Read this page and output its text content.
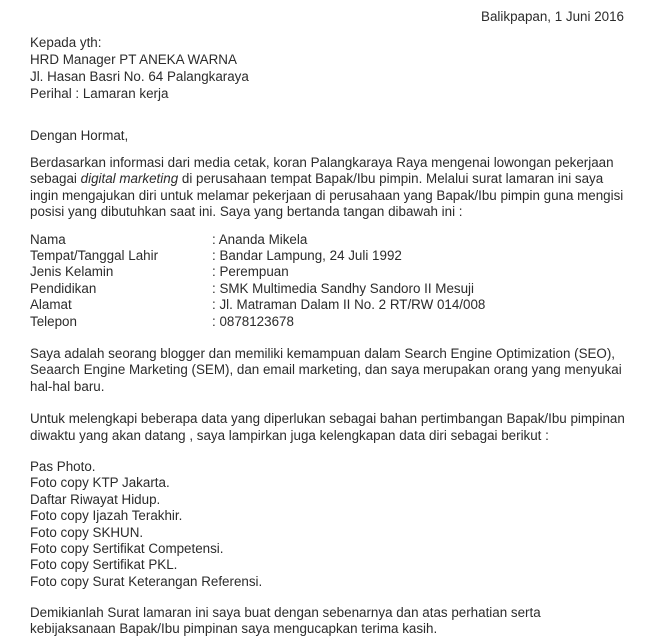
Balikpapan, 1 Juni 2016
Kepada yth:
HRD Manager PT ANEKA WARNA
Jl. Hasan Basri No. 64 Palangkaraya
Perihal : Lamaran kerja
Dengan Hormat,
Berdasarkan informasi dari media cetak, koran Palangkaraya Raya mengenai lowongan pekerjaan
sebagai digital marketing di perusahaan tempat Bapak/Ibu pimpin. Melalui surat lamaran ini saya
ingin mengajukan diri untuk melamar pekerjaan di perusahaan yang Bapak/Ibu pimpin guna mengisi
posisi yang dibutuhkan saat ini. Saya yang bertanda tangan dibawah ini :
Nama	: Ananda Mikela
Tempat/Tanggal Lahir	: Bandar Lampung, 24 Juli 1992
Jenis Kelamin	: Perempuan
Pendidikan	: SMK Multimedia Sandhy Sandoro II Mesuji
Alamat	: Jl. Matraman Dalam II No. 2 RT/RW 014/008
Telepon	: 0878123678
Saya adalah seorang blogger dan memiliki kemampuan dalam Search Engine Optimization (SEO),
Seaarch Engine Marketing (SEM), dan email marketing, dan saya merupakan orang yang menyukai
hal-hal baru.
Untuk melengkapi beberapa data yang diperlukan sebagai bahan pertimbangan Bapak/Ibu pimpinan
diwaktu yang akan datang , saya lampirkan juga kelengkapan data diri sebagai berikut :
Pas Photo.
Foto copy KTP Jakarta.
Daftar Riwayat Hidup.
Foto copy Ijazah Terakhir.
Foto copy SKHUN.
Foto copy Sertifikat Competensi.
Foto copy Sertifikat PKL.
Foto copy Surat Keterangan Referensi.
Demikianlah Surat lamaran ini saya buat dengan sebenarnya dan atas perhatian serta
kebijaksanaan Bapak/Ibu pimpinan saya mengucapkan terima kasih.
